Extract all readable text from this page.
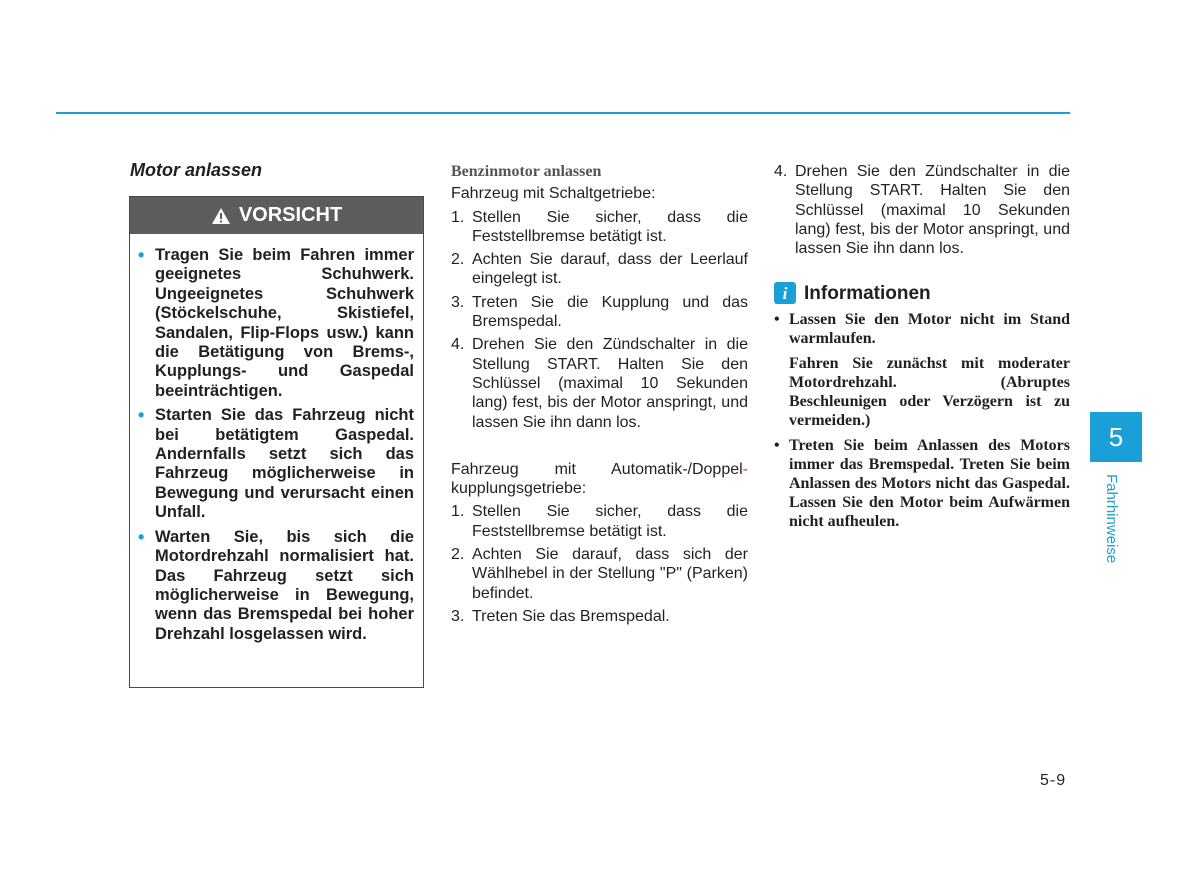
Motor anlassen
VORSICHT
• Tragen Sie beim Fahren immer geeignetes Schuhwerk. Ungeeignetes Schuhwerk (Stöckelschuhe, Skistiefel, Sandalen, Flip-Flops usw.) kann die Betätigung von Brems-, Kupplungs- und Gaspedal beeinträchtigen.
• Starten Sie das Fahrzeug nicht bei betätigtem Gaspedal. Andernfalls setzt sich das Fahrzeug möglicherweise in Bewegung und verursacht einen Unfall.
• Warten Sie, bis sich die Motordrehzahl normalisiert hat. Das Fahrzeug setzt sich möglicherweise in Bewegung, wenn das Bremspedal bei hoher Drehzahl losgelassen wird.
Benzinmotor anlassen

Fahrzeug mit Schaltgetriebe:

1. Stellen Sie sicher, dass die Feststellbremse betätigt ist.
2. Achten Sie darauf, dass der Leerlauf eingelegt ist.
3. Treten Sie die Kupplung und das Bremspedal.
4. Drehen Sie den Zündschalter in die Stellung START. Halten Sie den Schlüssel (maximal 10 Sekunden lang) fest, bis der Motor anspringt, und lassen Sie ihn dann los.

Fahrzeug mit Automatik-/Doppel- kupplungsgetriebe:

1. Stellen Sie sicher, dass die Feststellbremse betätigt ist.
2. Achten Sie darauf, dass sich der Wählhebel in der Stellung "P" (Parken) befindet.
3. Treten Sie das Bremspedal.
4. Drehen Sie den Zündschalter in die Stellung START. Halten Sie den Schlüssel (maximal 10 Sekunden lang) fest, bis der Motor anspringt, und lassen Sie ihn dann los.
i Informationen
• Lassen Sie den Motor nicht im Stand warmlaufen.
Fahren Sie zunächst mit moderater Motordrehzahl. (Abruptes Beschleunigen oder Verzögern ist zu vermeiden.)
• Treten Sie beim Anlassen des Motors immer das Bremspedal. Treten Sie beim Anlassen des Motors nicht das Gaspedal. Lassen Sie den Motor beim Aufwärmen nicht aufheulen.
5
Fahrhinweise
5-9
